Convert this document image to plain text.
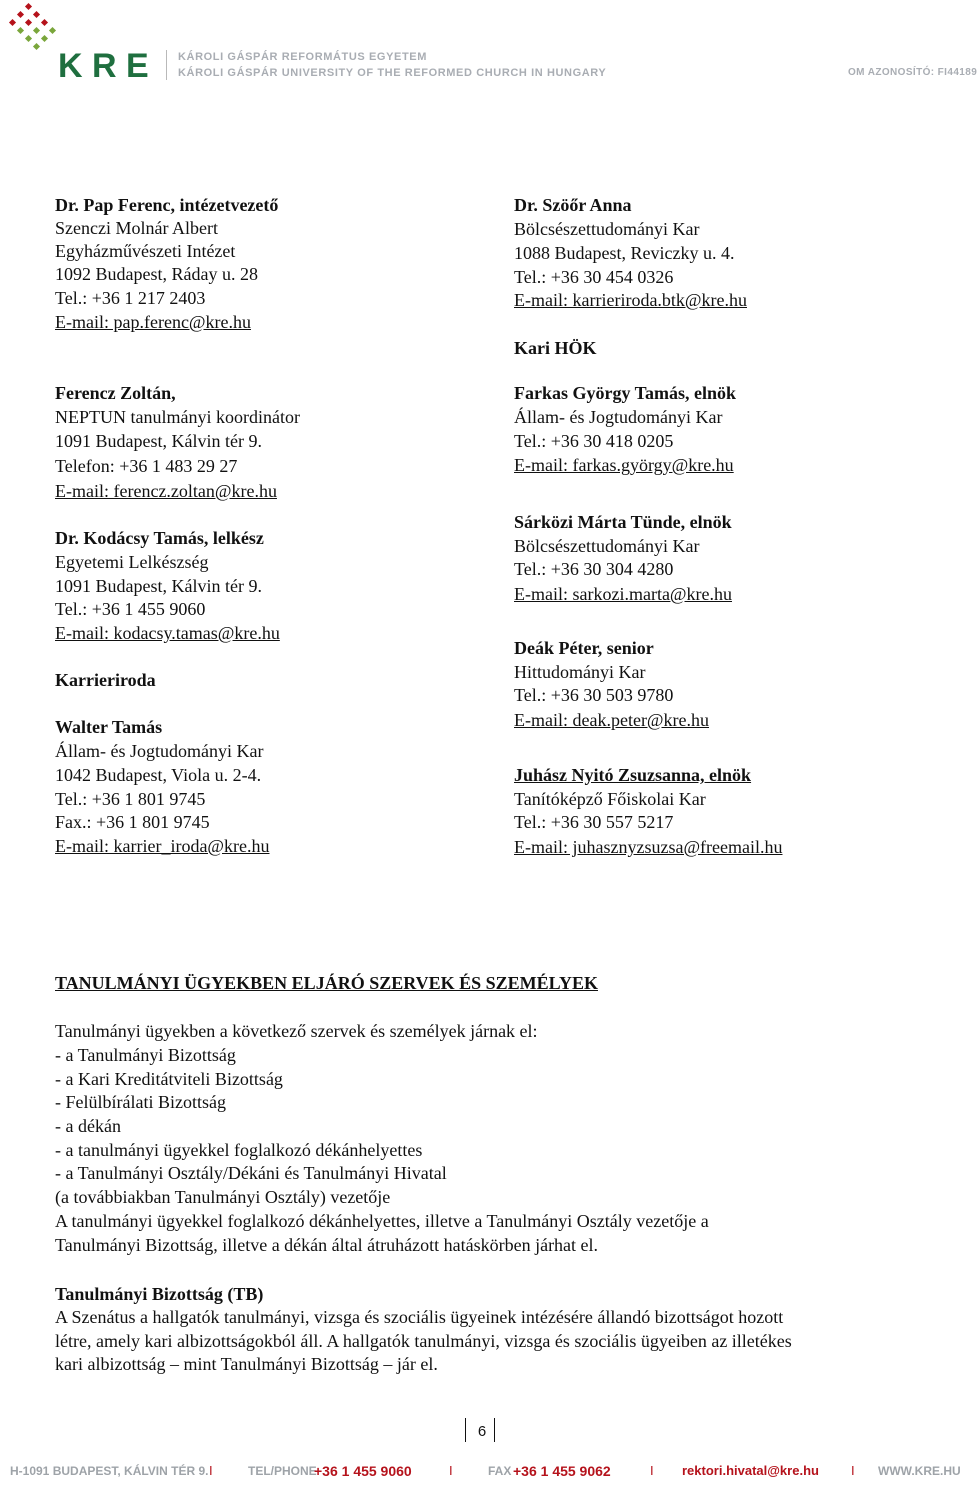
K R E KÁROLI GÁSPÁR REFORMÁTUS EGYETEM
KÁROLI GÁSPÁR UNIVERSITY OF THE REFORMED CHURCH IN HUNGARY	OM AZONOSÍTÓ: FI44189
Dr. Pap Ferenc, intézetvezető
Szenczi Molnár Albert
Egyházművészeti Intézet
1092 Budapest, Ráday u. 28
Tel.: +36 1 217 2403
E-mail: pap.ferenc@kre.hu
Ferencz Zoltán,
NEPTUN tanulmányi koordinátor
1091 Budapest, Kálvin tér 9.
Telefon: +36 1 483 29 27
E-mail: ferencz.zoltan@kre.hu
Dr. Kodácsy Tamás, lelkész
Egyetemi Lelkészség
1091 Budapest, Kálvin tér 9.
Tel.: +36 1 455 9060
E-mail: kodacsy.tamas@kre.hu
Karrieriroda
Walter Tamás
Állam- és Jogtudományi Kar
1042 Budapest, Viola u. 2-4.
Tel.: +36 1 801 9745
Fax.: +36 1 801 9745
E-mail: karrier_iroda@kre.hu
Dr. Szöőr Anna
Bölcsészettudományi Kar
1088 Budapest, Reviczky u. 4.
Tel.: +36 30 454 0326
E-mail: karrieriroda.btk@kre.hu
Kari HÖK
Farkas György Tamás, elnök
Állam- és Jogtudományi Kar
Tel.: +36 30 418 0205
E-mail: farkas.györgy@kre.hu
Sárközi Márta Tünde, elnök
Bölcsészettudományi Kar
Tel.: +36 30 304 4280
E-mail: sarkozi.marta@kre.hu
Deák Péter, senior
Hittudományi Kar
Tel.: +36 30 503 9780
E-mail: deak.peter@kre.hu
Juhász Nyitó Zsuzsanna, elnök
Tanítóképző Főiskolai Kar
Tel.: +36 30 557 5217
E-mail: juhasznyzsuzsa@freemail.hu
TANULMÁNYI ÜGYEKBEN ELJÁRÓ SZERVEK ÉS SZEMÉLYEK
Tanulmányi ügyekben a következő szervek és személyek járnak el:
- a Tanulmányi Bizottság
- a Kari Kreditátviteli Bizottság
- Felülbírálati Bizottság
- a dékán
- a tanulmányi ügyekkel foglalkozó dékánhelyettes
- a Tanulmányi Osztály/Dékáni és Tanulmányi Hivatal
(a továbbiakban Tanulmányi Osztály) vezetője
A tanulmányi ügyekkel foglalkozó dékánhelyettes, illetve a Tanulmányi Osztály vezetője a
Tanulmányi Bizottság, illetve a dékán által átruházott hatáskörben járhat el.
Tanulmányi Bizottság (TB)
A Szenátus a hallgatók tanulmányi, vizsga és szociális ügyeinek intézésére állandó bizottságot hozott
létre, amely kari albizottságokból áll. A hallgatók tanulmányi, vizsga és szociális ügyeiben az illetékes
kari albizottság – mint Tanulmányi Bizottság – jár el.
6
H-1091 BUDAPEST, KÁLVIN TÉR 9. I	TEL/PHONE
+36 1 455 9060	I	FAX +36 1 455 9062	I rektori.hivatal@kre.hu I WWW.KRE.HU
